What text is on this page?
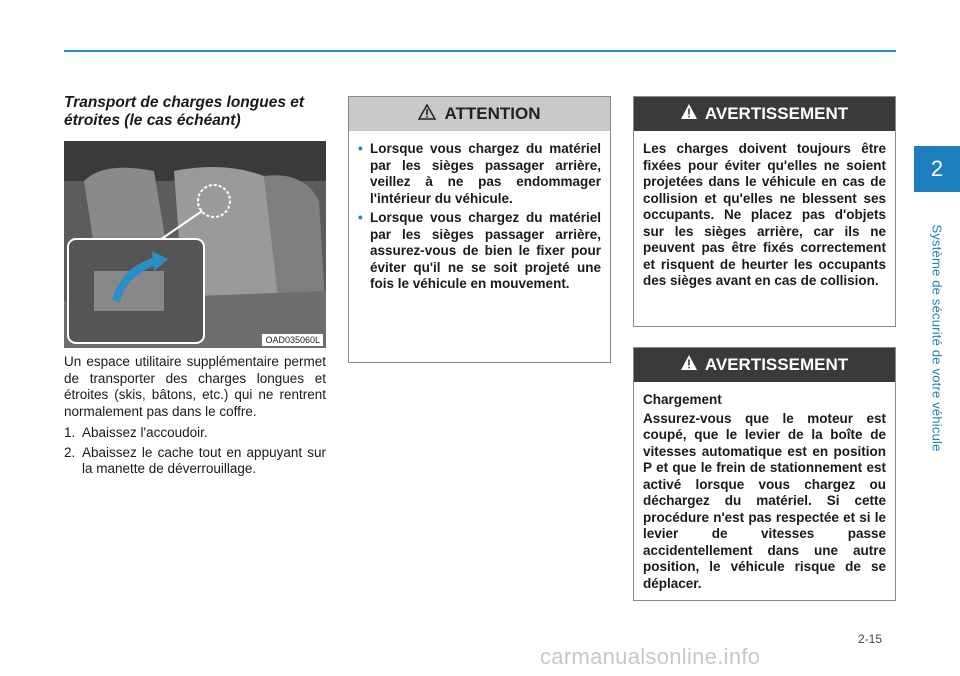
2
Système de sécurité de votre véhicule
Transport de charges longues et étroites (le cas échéant)
OAD035060L

Un espace utilitaire supplémentaire permet de transporter des charges longues et étroites (skis, bâtons, etc.) qui ne rentrent normalement pas dans le coffre.

1. Abaissez l'accoudoir.
2. Abaissez le cache tout en appuyant sur la manette de déverrouillage.
ATTENTION
• Lorsque vous chargez du matériel par les sièges passager arrière, veillez à ne pas endommager l'intérieur du véhicule.
• Lorsque vous chargez du matériel par les sièges passager arrière, assurez-vous de bien le fixer pour éviter qu'il ne se soit projeté une fois le véhicule en mouvement.
AVERTISSEMENT

Les charges doivent toujours être fixées pour éviter qu'elles ne soient projetées dans le véhicule en cas de collision et qu'elles ne blessent ses occupants. Ne placez pas d'objets sur les sièges arrière, car ils ne peuvent pas être fixés correctement et risquent de heurter les occupants des sièges avant en cas de collision.

AVERTISSEMENT

Chargement

Assurez-vous que le moteur est coupé, que le levier de la boîte de vitesses automatique est en position P et que le frein de stationnement est activé lorsque vous chargez ou déchargez du matériel. Si cette procédure n'est pas respectée et si le levier de vitesses passe accidentellement dans une autre position, le véhicule risque de se déplacer.

2-15
carmanualsonline.info
